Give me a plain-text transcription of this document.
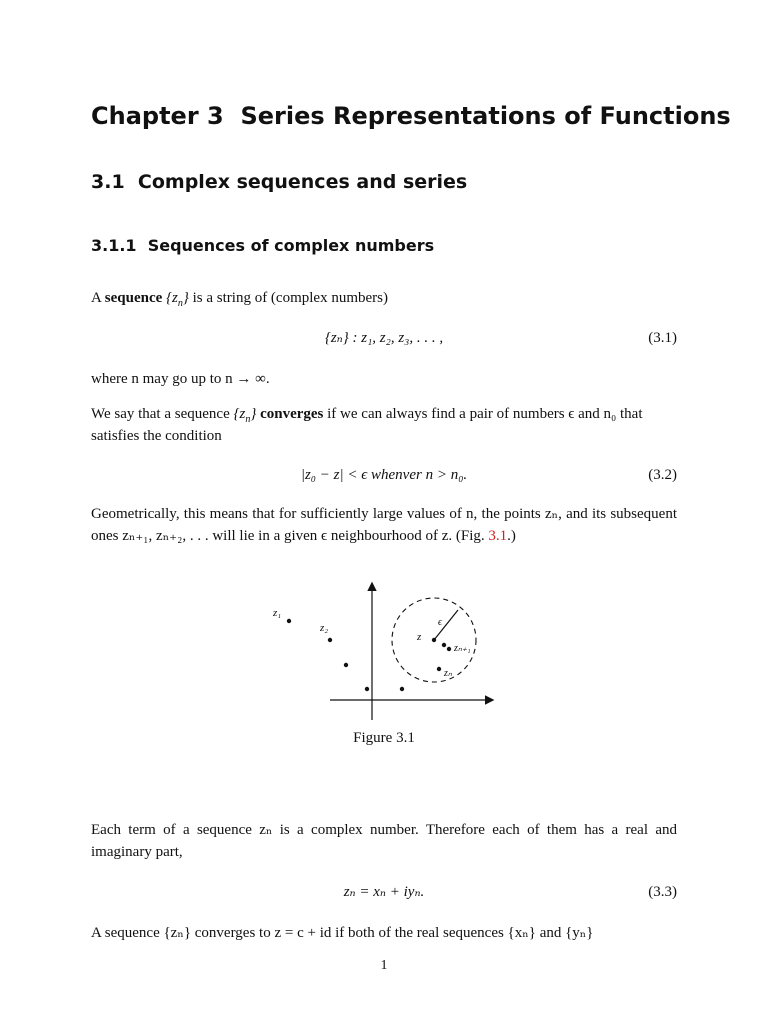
Chapter 3 Series Representations of Functions
3.1 Complex sequences and series
3.1.1 Sequences of complex numbers
A sequence $\{z_n\}$ is a string of (complex numbers)
{zₙ} : z₁, z₂, z₃, . . . ,	(3.1)
where n may go up to n → ∞.
We say that a sequence $\{z_n\}$ converges if we can always find a pair of numbers ϵ and n₀ that satisfies the condition
|z₀ − z| < ϵ whenver n > n₀.	(3.2)
Geometrically, this means that for sufficiently large values of n, the points zₙ, and its subsequent ones zₙ₊₁, zₙ₊₂, . . . will lie in a given ϵ neighbourhood of z. (Fig. 3.1.)
z₁
z₂
z
ϵ
zₙ₊₁
zₙ
Figure 3.1
Each term of a sequence zₙ is a complex number. Therefore each of them has a real and imaginary part,
zₙ = xₙ + iyₙ.	(3.3)
A sequence {zₙ} converges to z = c + id if both of the real sequences {xₙ} and {yₙ}
1
